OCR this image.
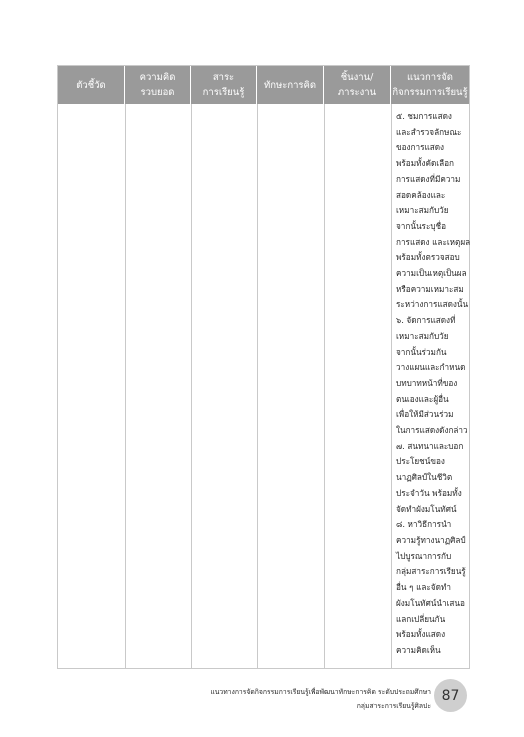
ตัวชี้วัด
ความคิด
รวบยอด
สาระ
การเรียนรู้
ทักษะการคิด
ชิ้นงาน/
ภาระงาน
แนวการจัด
กิจกรรมการเรียนรู้
๕. ชมการแสดง
และสำรวจลักษณะ
ของการแสดง
พร้อมทั้งคัดเลือก
การแสดงที่มีความ
สอดคล้องและ
เหมาะสมกับวัย
จากนั้นระบุชื่อ
การแสดง และเหตุผล
พร้อมทั้งตรวจสอบ
ความเป็นเหตุเป็นผล
หรือความเหมาะสม
ระหว่างการแสดงนั้น
๖. จัดการแสดงที่
เหมาะสมกับวัย
จากนั้นร่วมกัน
วางแผนและกำหนด
บทบาทหน้าที่ของ
ตนเองและผู้อื่น
เพื่อให้มีส่วนร่วม
ในการแสดงดังกล่าว
๗. สนทนาและบอก
ประโยชน์ของ
นาฏศิลป์ในชีวิต
ประจำวัน พร้อมทั้ง
จัดทำผังมโนทัศน์
๘. หาวิธีการนำ
ความรู้ทางนาฏศิลป์
ไปบูรณาการกับ
กลุ่มสาระการเรียนรู้
อื่น ๆ และจัดทำ
ผังมโนทัศน์นำเสนอ
แลกเปลี่ยนกัน
พร้อมทั้งแสดง
ความคิดเห็น
แนวทางการจัดกิจกรรมการเรียนรู้เพื่อพัฒนาทักษะการคิด ระดับประถมศึกษา
กลุ่มสาระการเรียนรู้ศิลปะ
87
